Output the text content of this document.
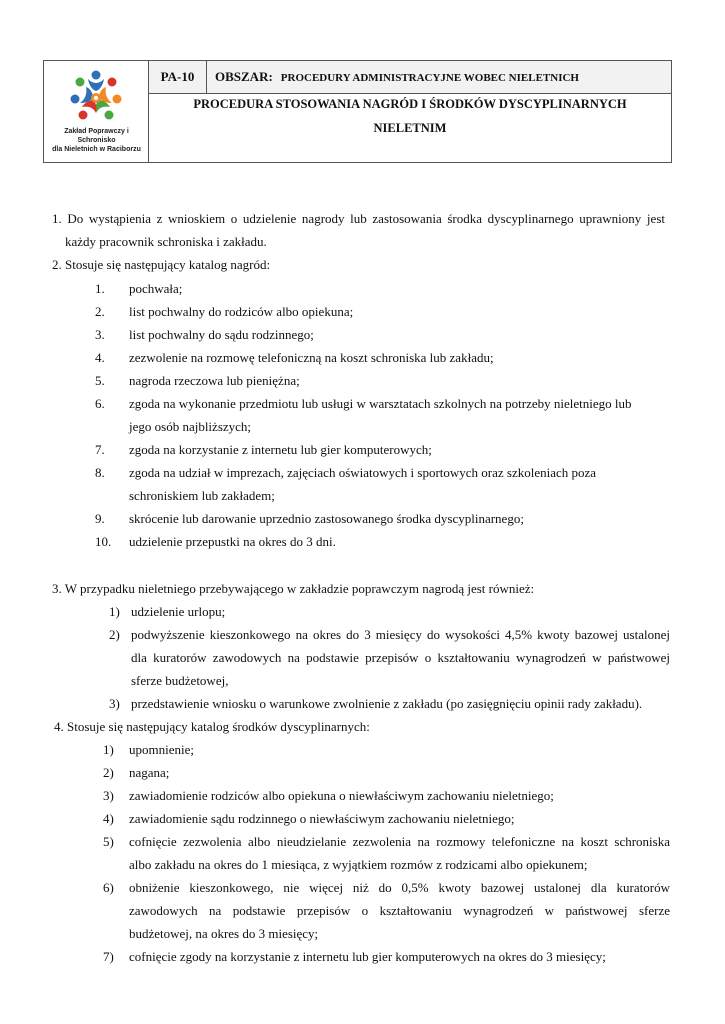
Zakład Poprawczy i Schronisko
dla Nieletnich w Raciborzu
PA-10	OBSZAR: PROCEDURY ADMINISTRACYJNE WOBEC NIELETNICH
PROCEDURA STOSOWANIA NAGRÓD I ŚRODKÓW DYSCYPLINARNYCH
NIELETNIM
1. Do wystąpienia z wnioskiem o udzielenie nagrody lub zastosowania środka dyscyplinarnego uprawniony jest
każdy pracownik schroniska i zakładu.
2. Stosuje się następujący katalog nagród:
1. pochwała;
2. list pochwalny do rodziców albo opiekuna;
3. list pochwalny do sądu rodzinnego;
4. zezwolenie na rozmowę telefoniczną na koszt schroniska lub zakładu;
5. nagroda rzeczowa lub pieniężna;
6. zgoda na wykonanie przedmiotu lub usługi w warsztatach szkolnych na potrzeby nieletniego lub
jego osób najbliższych;
7. zgoda na korzystanie z internetu lub gier komputerowych;
8. zgoda na udział w imprezach, zajęciach oświatowych i sportowych oraz szkoleniach poza
schroniskiem lub zakładem;
9. skrócenie lub darowanie uprzednio zastosowanego środka dyscyplinarnego;
10. udzielenie przepustki na okres do 3 dni.
3. W przypadku nieletniego przebywającego w zakładzie poprawczym nagrodą jest również:
1) udzielenie urlopu;
2) podwyższenie kieszonkowego na okres do 3 miesięcy do wysokości 4,5% kwoty bazowej ustalonej
dla kuratorów zawodowych na podstawie przepisów o kształtowaniu wynagrodzeń w państwowej
sferze budżetowej,
3) przedstawienie wniosku o warunkowe zwolnienie z zakładu (po zasięgnięciu opinii rady zakładu).
4. Stosuje się następujący katalog środków dyscyplinarnych:
1) upomnienie;
2) nagana;
3) zawiadomienie rodziców albo opiekuna o niewłaściwym zachowaniu nieletniego;
4) zawiadomienie sądu rodzinnego o niewłaściwym zachowaniu nieletniego;
5) cofnięcie zezwolenia albo nieudzielanie zezwolenia na rozmowy telefoniczne na koszt schroniska
albo zakładu na okres do 1 miesiąca, z wyjątkiem rozmów z rodzicami albo opiekunem;
6) obniżenie kieszonkowego, nie więcej niż do 0,5% kwoty bazowej ustalonej dla kuratorów
zawodowych na podstawie przepisów o kształtowaniu wynagrodzeń w państwowej sferze
budżetowej, na okres do 3 miesięcy;
7) cofnięcie zgody na korzystanie z internetu lub gier komputerowych na okres do 3 miesięcy;
